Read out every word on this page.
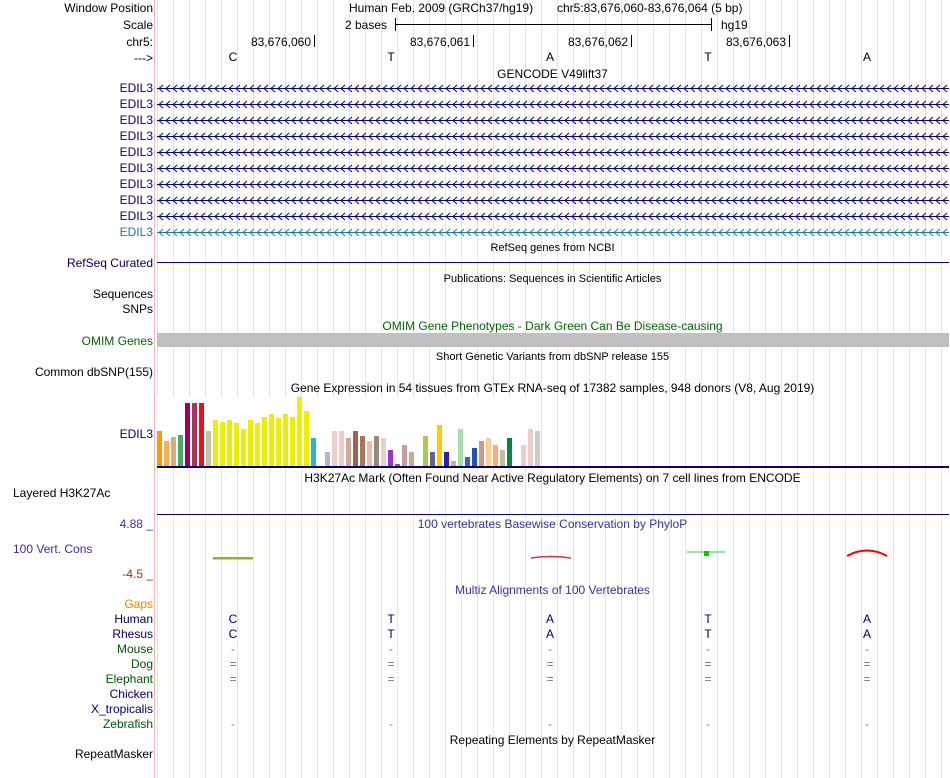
Window Position
Scale
chr5:
--->
Human Feb. 2009 (GRCh37/hg19) chr5:83,676,060-83,676,064 (5 bp)
2 bases	hg19
83,676,060	83,676,061	83,676,062	83,676,063
C	T	A	T	A
GENCODE V49lift37
EDIL3
EDIL3
EDIL3
EDIL3
EDIL3
EDIL3
EDIL3
EDIL3
EDIL3
EDIL3
RefSeq genes from NCBI
RefSeq Curated
Publications: Sequences in Scientific Articles
Sequences
SNPs
OMIM Gene Phenotypes - Dark Green Can Be Disease-causing
OMIM Genes
Short Genetic Variants from dbSNP release 155
Common dbSNP(155)
Gene Expression in 54 tissues from GTEx RNA-seq of 17382 samples, 948 donors (V8, Aug 2019)
EDIL3
H3K27Ac Mark (Often Found Near Active Regulatory Elements) on 7 cell lines from ENCODE
Layered H3K27Ac
100 vertebrates Basewise Conservation by PhyloP
4.88 _
100 Vert. Cons
-4.5 _
Multiz Alignments of 100 Vertebrates
Gaps
Human	C	T	A	T	A
Rhesus	C	T	A	T	A
Mouse	-	-	-	-	-
Dog	=	=	=	=	=
Elephant	=	=	=	=	=
Chicken
X_tropicalis
Zebrafish	-	-	-	-	-
Repeating Elements by RepeatMasker
RepeatMasker
